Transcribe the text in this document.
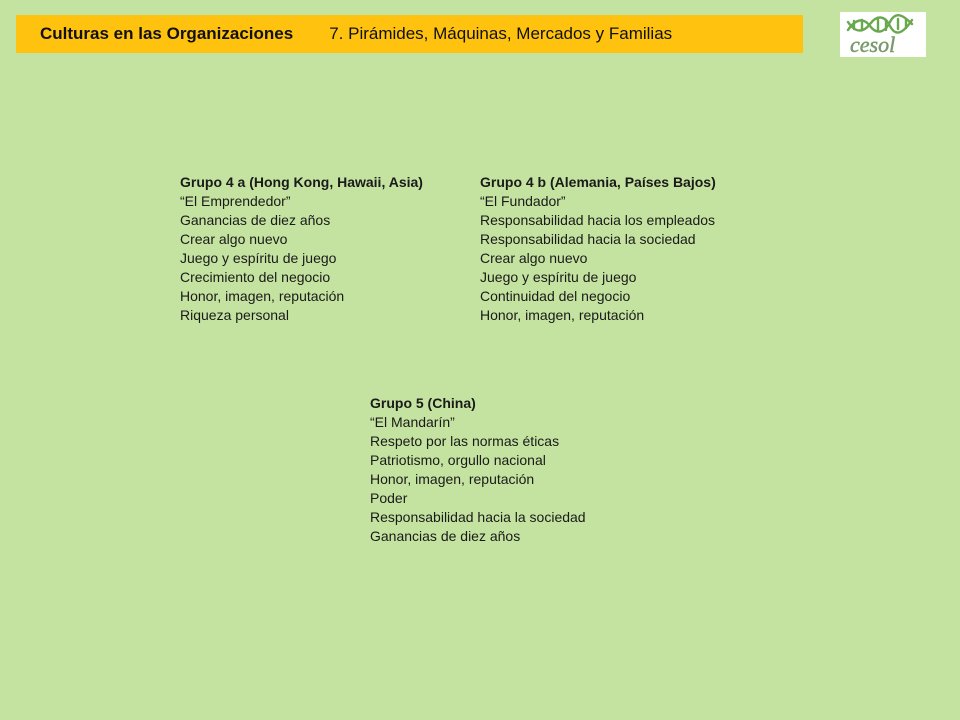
Culturas en las Organizaciones 7. Pirámides, Máquinas, Mercados y Familias	cesol
Grupo 4 a (Hong Kong, Hawaii, Asia)
“El Emprendedor”
Ganancias de diez años
Crear algo nuevo
Juego y espíritu de juego
Crecimiento del negocio
Honor, imagen, reputación
Riqueza personal
Grupo 4 b (Alemania, Países Bajos)
“El Fundador”
Responsabilidad hacia los empleados
Responsabilidad hacia la sociedad
Crear algo nuevo
Juego y espíritu de juego
Continuidad del negocio
Honor, imagen, reputación
Grupo 5 (China)
“El Mandarín”
Respeto por las normas éticas
Patriotismo, orgullo nacional
Honor, imagen, reputación
Poder
Responsabilidad hacia la sociedad
Ganancias de diez años
